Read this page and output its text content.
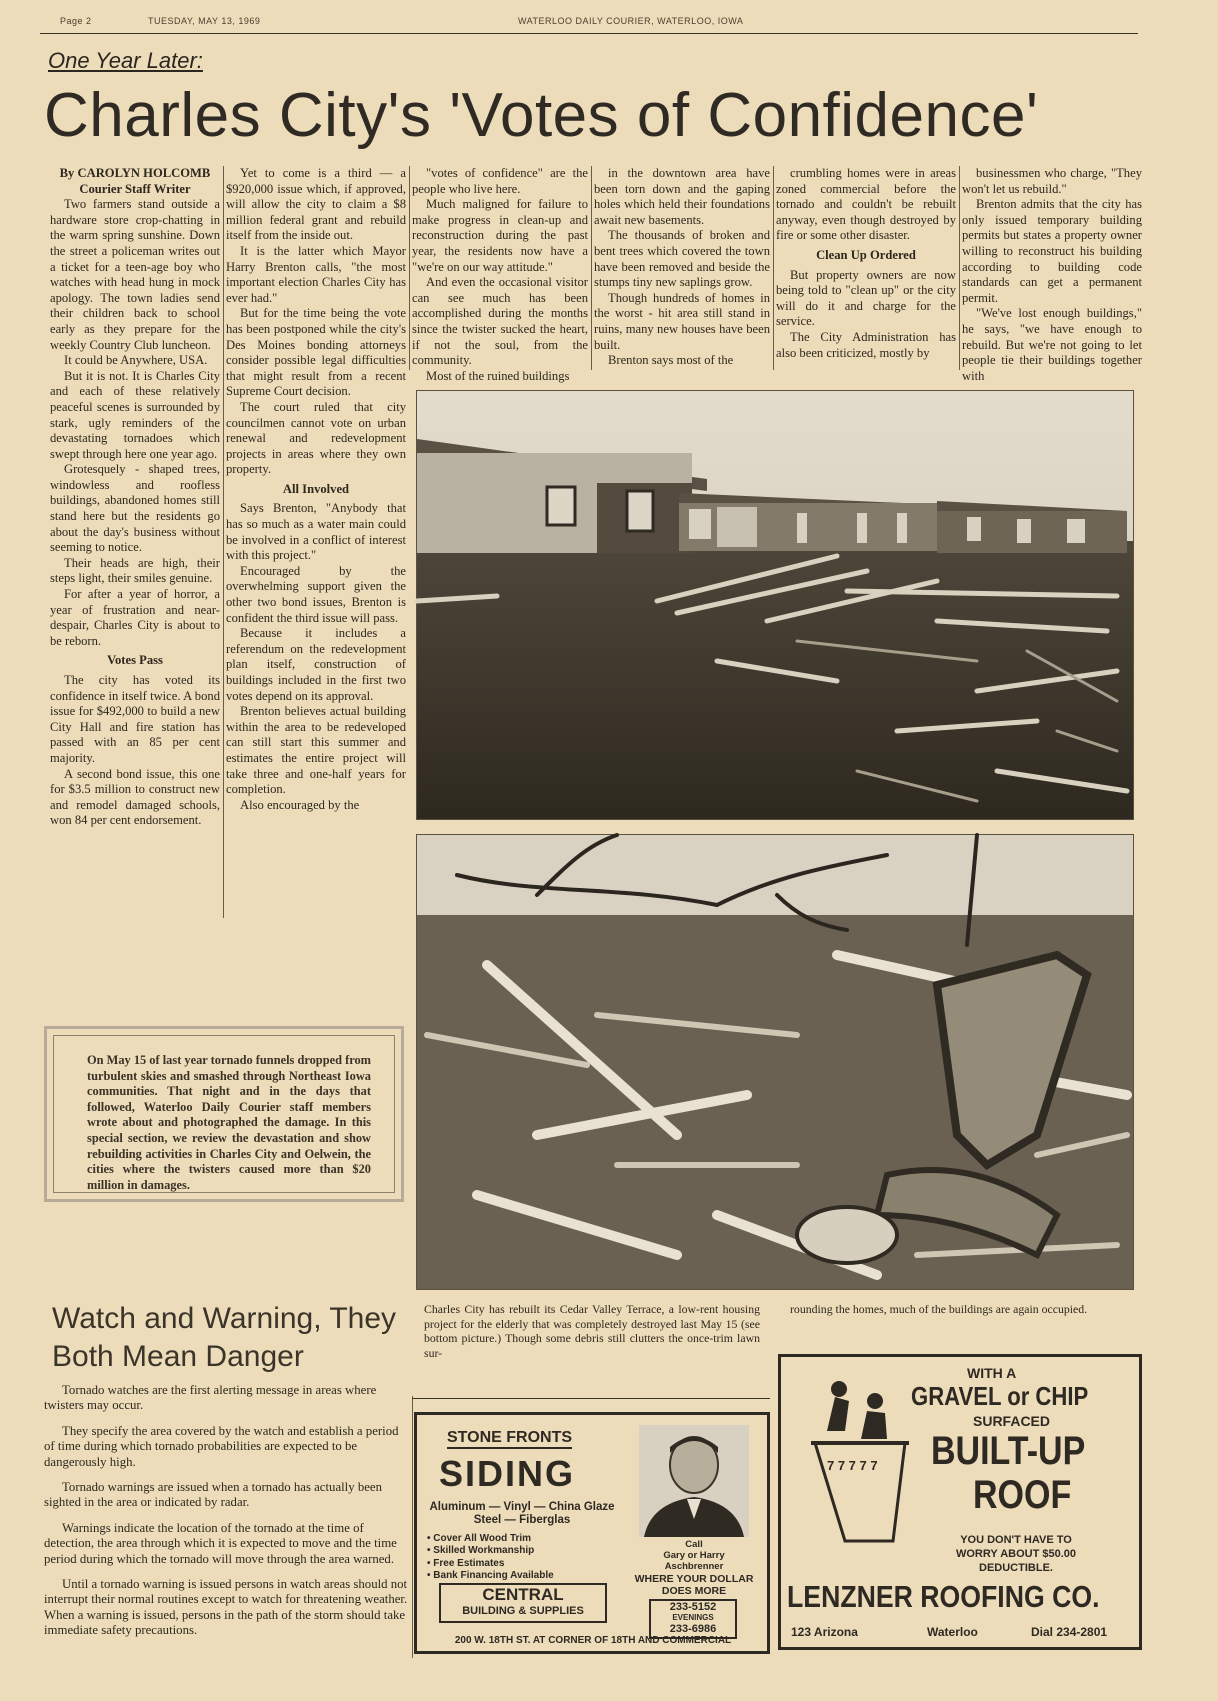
Page 2	TUESDAY, MAY 13, 1969	WATERLOO DAILY COURIER, WATERLOO, IOWA
One Year Later:
Charles City's 'Votes of Confidence'

By CAROLYN HOLCOMB

Courier Staff Writer

Two farmers stand outside a hardware store crop-chatting in the warm spring sunshine. Down the street a policeman writes out a ticket for a teen-age boy who watches with head hung in mock apology. The town ladies send their children back to school early as they prepare for the weekly Country Club luncheon.

It could be Anywhere, USA.

But it is not. It is Charles City and each of these relatively peaceful scenes is surrounded by stark, ugly reminders of the devastating tornadoes which swept through here one year ago.

Grotesquely - shaped trees, windowless and roofless buildings, abandoned homes still stand here but the residents go about the day's business without seeming to notice.

Their heads are high, their steps light, their smiles genuine.

For after a year of horror, a year of frustration and near-despair, Charles City is about to be reborn.

Votes Pass

The city has voted its confidence in itself twice. A bond issue for $492,000 to build a new City Hall and fire station has passed with an 85 per cent majority.

A second bond issue, this one for $3.5 million to construct new and remodel damaged schools, won 84 per cent endorsement.

Yet to come is a third — a $920,000 issue which, if approved, will allow the city to claim a $8 million federal grant and rebuild itself from the inside out.

It is the latter which Mayor Harry Brenton calls, "the most important election Charles City has ever had."

But for the time being the vote has been postponed while the city's Des Moines bonding attorneys consider possible legal difficulties that might result from a recent Supreme Court decision.

The court ruled that city councilmen cannot vote on urban renewal and redevelopment projects in areas where they own property.

All Involved

Says Brenton, "Anybody that has so much as a water main could be involved in a conflict of interest with this project."

Encouraged by the overwhelming support given the other two bond issues, Brenton is confident the third issue will pass.

Because it includes a referendum on the redevelopment plan itself, construction of buildings included in the first two votes depend on its approval.

Brenton believes actual building within the area to be redeveloped can still start this summer and estimates the entire project will take three and one-half years for completion.

Also encouraged by the

"votes of confidence" are the people who live here.

Much maligned for failure to make progress in clean-up and reconstruction during the past year, the residents now have a "we're on our way attitude."

And even the occasional visitor can see much has been accomplished during the months since the twister sucked the heart, if not the soul, from the community.

Most of the ruined buildings

in the downtown area have been torn down and the gaping holes which held their foundations await new basements.

The thousands of broken and bent trees which covered the town have been removed and beside the stumps tiny new saplings grow.

Though hundreds of homes in the worst - hit area still stand in ruins, many new houses have been built.

Brenton says most of the

crumbling homes were in areas zoned commercial before the tornado and couldn't be rebuilt anyway, even though destroyed by fire or some other disaster.

Clean Up Ordered

But property owners are now being told to "clean up" or the city will do it and charge for the service.

The City Administration has also been criticized, mostly by

businessmen who charge, "They won't let us rebuild."

Brenton admits that the city has only issued temporary building permits but states a property owner willing to reconstruct his building according to building code standards can get a permanent permit.

"We've lost enough buildings," he says, "we have enough to rebuild. But we're not going to let people tie their buildings together with

On May 15 of last year tornado funnels dropped from turbulent skies and smashed through Northeast Iowa communities. That night and in the days that followed, Waterloo Daily Courier staff members wrote about and photographed the damage. In this special section, we review the devastation and show rebuilding activities in Charles City and Oelwein, the cities where the twisters caused more than $20 million in damages.
Charles City has rebuilt its Cedar Valley Terrace, a low-rent housing project for the elderly that was completely destroyed last May 15 (see bottom picture.) Though some debris still clutters the once-trim lawn sur-
rounding the homes, much of the buildings are again occupied.
Watch and Warning, They Both Mean Danger

Tornado watches are the first alerting message in areas where twisters may occur.

They specify the area covered by the watch and establish a period of time during which tornado probabilities are expected to be dangerously high.

Tornado warnings are issued when a tornado has actually been sighted in the area or indicated by radar.

Warnings indicate the location of the tornado at the time of detection, the area through which it is expected to move and the time period during which the tornado will move through the area warned.

Until a tornado warning is issued persons in watch areas should not interrupt their normal routines except to watch for threatening weather. When a warning is issued, persons in the path of the storm should take immediate safety precautions.

STONE FRONTS
SIDING
Aluminum — Vinyl — China Glaze Steel — Fiberglas
• Cover All Wood Trim
• Skilled Workmanship
• Free Estimates
• Bank Financing Available
Call
Gary or Harry
Aschbrenner
WHERE YOUR DOLLAR DOES MORE
233-5152
EVENINGS
233-6986
CENTRAL
BUILDING & SUPPLIES
200 W. 18TH ST. AT CORNER OF 18TH AND COMMERCIAL
WITH A
GRAVEL or CHIP
SURFACED
BUILT-UP
ROOF
YOU DON'T HAVE TO WORRY ABOUT $50.00 DEDUCTIBLE.
7 7 7 7 7
LENZNER ROOFING CO.
123 Arizona	Waterloo	Dial 234-2801
